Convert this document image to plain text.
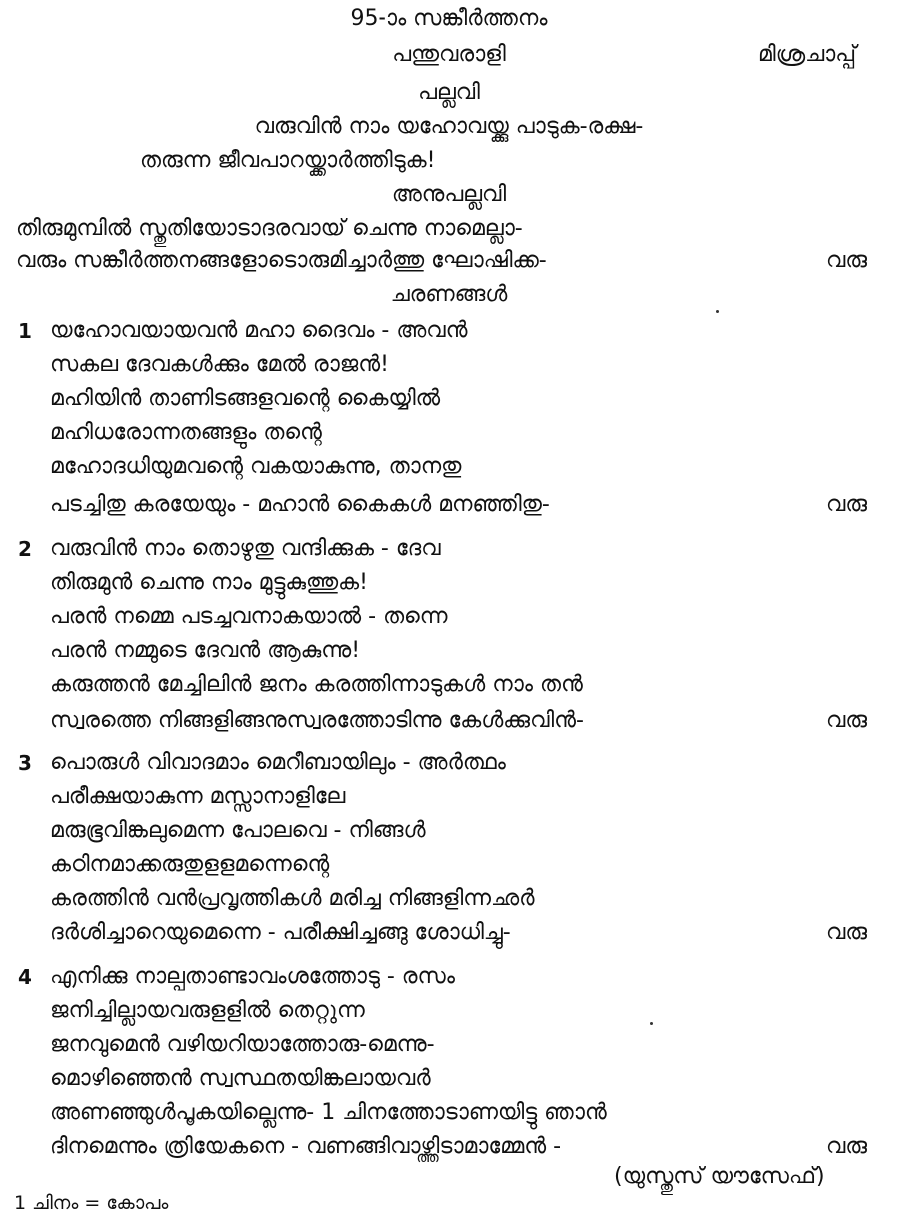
95-ാം സങ്കീർത്തനം
പന്തുവരാളി	മിശ്രചാപ്പ്
പല്ലവി
വരുവിൻ നാം യഹോവയ്ക്കു പാടുക-രക്ഷ-
തരുന്ന ജീവപാറയ്ക്കാർത്തിടുക!
അനുപല്ലവി
തിരുമുമ്പിൽ സ്തുതിയോടാദരവായ് ചെന്നു നാമെല്ലാ-
വരും സങ്കീർത്തനങ്ങളോടൊരുമിച്ചാർത്തു ഘോഷിക്ക-	വരു
ചരണങ്ങൾ
1 യഹോവയായവൻ മഹാ ദൈവം - അവൻ
സകല ദേവകൾക്കും മേൽ രാജൻ!
മഹിയിൻ താണിടങ്ങളവന്റെ കൈയ്യിൽ
മഹിധരോന്നതങ്ങളും തന്റെ
മഹോദധിയുമവന്റെ വകയാകുന്നു, താനതു
പടച്ചിതു കരയേയും - മഹാൻ കൈകൾ മനഞ്ഞിതു-	വരു
2 വരുവിൻ നാം തൊഴുതു വന്ദിക്കുക - ദേവ
തിരുമുൻ ചെന്നു നാം മുട്ടുകുത്തുക!
പരൻ നമ്മെ പടച്ചവനാകയാൽ - തന്നെ
പരൻ നമ്മുടെ ദേവൻ ആകുന്നു!
കരുത്തൻ മേച്ചിലിൻ ജനം കരത്തിന്നാടുകൾ നാം തൻ
സ്വരത്തെ നിങ്ങളിങ്ങനുസ്വരത്തോടിന്നു കേൾക്കുവിൻ-	വരു
3 പൊരുൾ വിവാദമാം മെറീബായിലും - അർത്ഥം
പരീക്ഷയാകുന്ന മസ്സാനാളിലേ
മരുഭൂവിങ്കലുമെന്ന പോലവെ - നിങ്ങൾ
കഠിനമാക്കരുതുളളമന്നെന്റെ
കരത്തിൻ വൻപ്രവൃത്തികൾ മരിച്ച നിങ്ങളിന്നഛർ
ദർശിച്ചാറെയുമെന്നെ - പരീക്ഷിച്ചങ്ങു ശോധിച്ചു-	വരു
4 എനിക്കു നാല്പതാണ്ടാവംശത്തോടു - രസം
ജനിച്ചില്ലായവരുളളിൽ തെറ്റുന്ന
ജനവുമെൻ വഴിയറിയാത്തോരു-മെന്നു-
മൊഴിഞ്ഞെൻ സ്വസ്ഥതയിങ്കലായവർ
അണഞ്ഞുൾപൂകയില്ലെന്നു- 1 ചിനത്തോടാണയിട്ടു ഞാൻ
ദിനമെന്നും ത്രിയേകനെ - വണങ്ങിവാഴ്ത്തിടാമാമ്മേൻ -	വരു
(യുസ്തുസ് യൗസേഫ്)
1 ചിനം = കോപം
